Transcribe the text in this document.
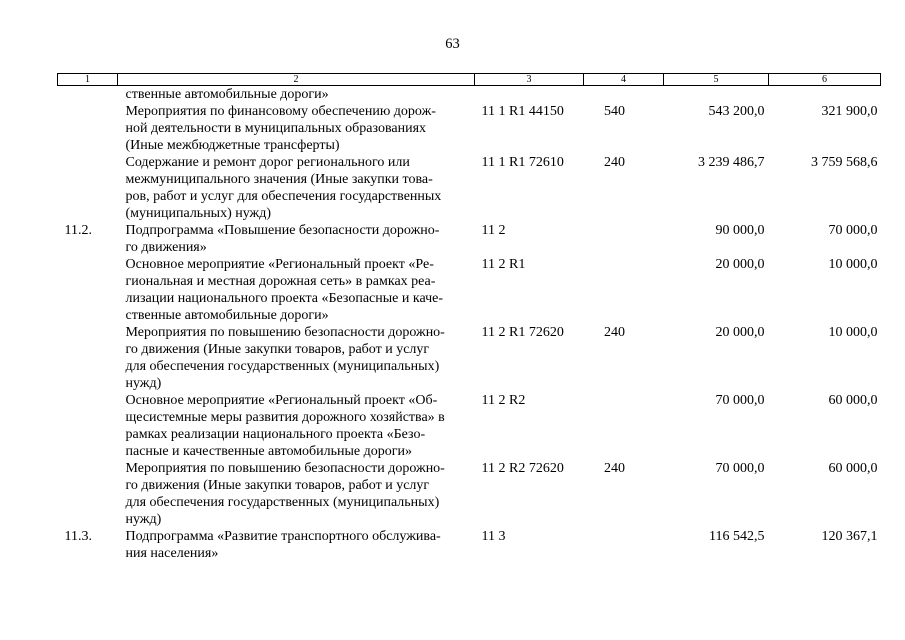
63
1	2	3	4	5	6
	ственные автомобильные дороги»				
	Мероприятия по финансовому обеспечению дорож-
ной деятельности в муниципальных образованиях
(Иные межбюджетные трансферты)	11 1 R1 44150	540	543 200,0	321 900,0
	Содержание и ремонт дорог регионального или
межмуниципального значения (Иные закупки това-
ров, работ и услуг для обеспечения государственных
(муниципальных) нужд)	11 1 R1 72610	240	3 239 486,7	3 759 568,6
11.2.	Подпрограмма «Повышение безопасности дорожно-
го движения»	11 2		90 000,0	70 000,0
	Основное мероприятие «Региональный проект «Ре-
гиональная и местная дорожная сеть» в рамках реа-
лизации национального проекта «Безопасные и каче-
ственные автомобильные дороги»	11 2 R1		20 000,0	10 000,0
	Мероприятия по повышению безопасности дорожно-
го движения (Иные закупки товаров, работ и услуг
для обеспечения государственных (муниципальных)
нужд)	11 2 R1 72620	240	20 000,0	10 000,0
	Основное мероприятие «Региональный проект «Об-
щесистемные меры развития дорожного хозяйства» в
рамках реализации национального проекта «Безо-
пасные и качественные автомобильные дороги»	11 2 R2		70 000,0	60 000,0
	Мероприятия по повышению безопасности дорожно-
го движения (Иные закупки товаров, работ и услуг
для обеспечения государственных (муниципальных)
нужд)	11 2 R2 72620	240	70 000,0	60 000,0
11.3.	Подпрограмма «Развитие транспортного обслужива-
ния населения»	11 3		116 542,5	120 367,1
